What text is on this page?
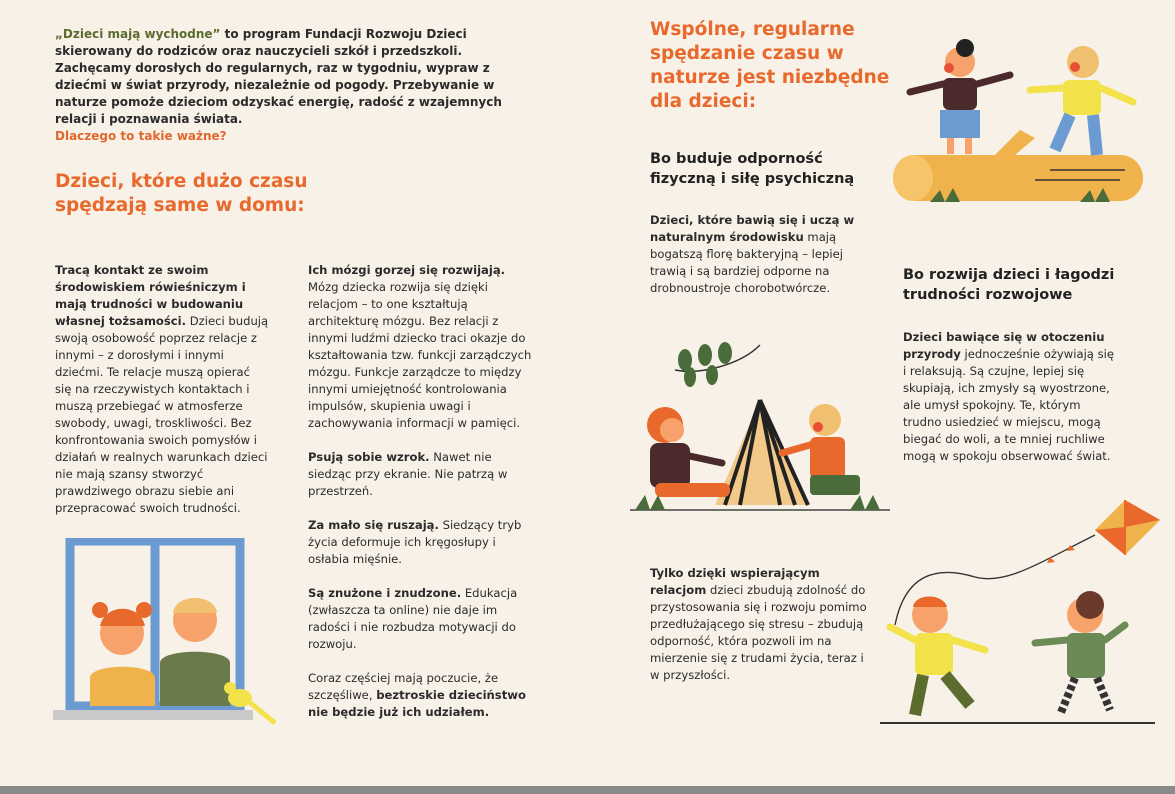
„Dzieci mają wychodne” to program Fundacji Rozwoju Dzieci skierowany do rodziców oraz nauczycieli szkół i przedszkoli. Zachęcamy dorosłych do regularnych, raz w tygodniu, wypraw z dziećmi w świat przyrody, niezależnie od pogody. Przebywanie w naturze pomoże dzieciom odzyskać energię, radość z wzajemnych relacji i poznawania świata.
Dlaczego to takie ważne?
Dzieci, które dużo czasu spędzają same w domu:
Tracą kontakt ze swoim środowiskiem rówieśniczym i mają trudności w budowaniu własnej tożsamości. Dzieci budują swoją osobowość poprzez relacje z innymi – z dorosłymi i innymi dziećmi. Te relacje muszą opierać się na rzeczywistych kontaktach i muszą przebiegać w atmosferze swobody, uwagi, troskliwości. Bez konfrontowania swoich pomysłów i działań w realnych warunkach dzieci nie mają szansy stworzyć prawdziwego obrazu siebie ani przepracować swoich trudności.

Ich mózgi gorzej się rozwijają. Mózg dziecka rozwija się dzięki relacjom – to one kształtują architekturę mózgu. Bez relacji z innymi ludźmi dziecko traci okazje do kształtowania tzw. funkcji zarządczych mózgu. Funkcje zarządcze to między innymi umiejętność kontrolowania impulsów, skupienia uwagi i zachowywania informacji w pamięci.

Psują sobie wzrok. Nawet nie siedząc przy ekranie. Nie patrzą w przestrzeń.

Za mało się ruszają. Siedzący tryb życia deformuje ich kręgosłupy i osłabia mięśnie.

Są znużone i znudzone. Edukacja (zwłaszcza ta online) nie daje im radości i nie rozbudza motywacji do rozwoju.

Coraz częściej mają poczucie, że szczęśliwe, beztroskie dzieciństwo nie będzie już ich udziałem.

Wspólne, regularne spędzanie czasu w naturze jest niezbędne dla dzieci:
Bo buduje odporność fizyczną i siłę psychiczną
Dzieci, które bawią się i uczą w naturalnym środowisku mają bogatszą florę bakteryjną – lepiej trawią i są bardziej odporne na drobnoustroje chorobotwórcze.
Bo rozwija dzieci i łagodzi trudności rozwojowe
Dzieci bawiące się w otoczeniu przyrody jednocześnie ożywiają się i relaksują. Są czujne, lepiej się skupiają, ich zmysły są wyostrzone, ale umysł spokojny. Te, którym trudno usiedzieć w miejscu, mogą biegać do woli, a te mniej ruchliwe mogą w spokoju obserwować świat.
Tylko dzięki wspierającym relacjom dzieci zbudują zdolność do przystosowania się i rozwoju pomimo przedłużającego się stresu – zbudują odporność, która pozwoli im na mierzenie się z trudami życia, teraz i w przyszłości.
